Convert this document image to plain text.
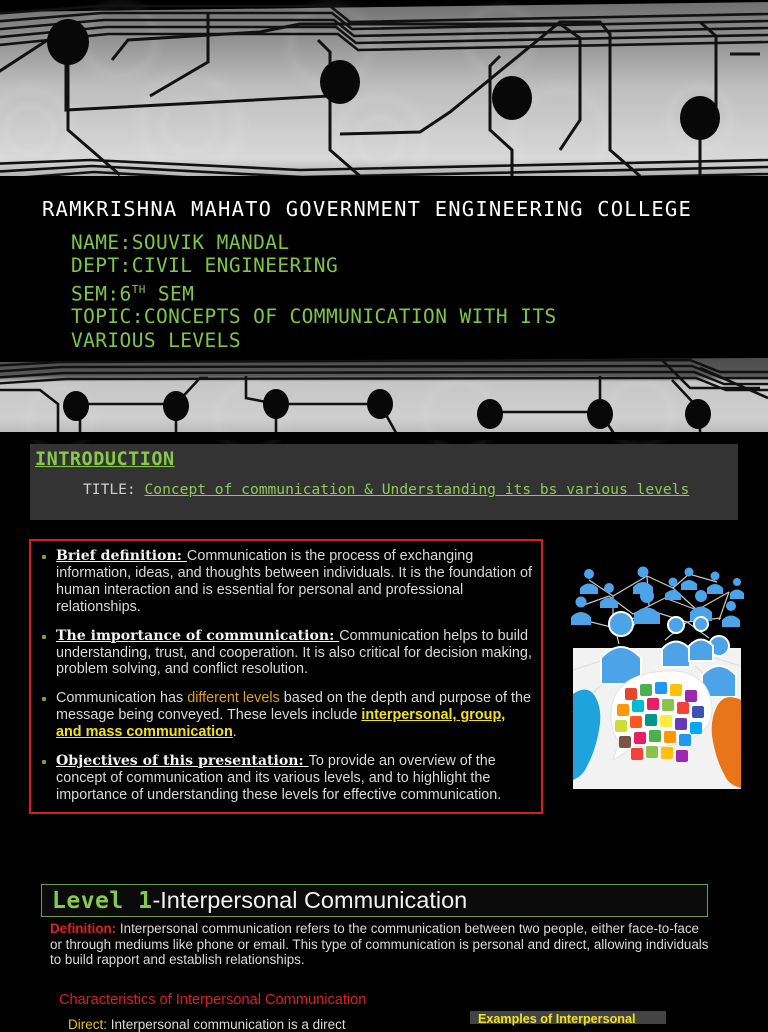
RAMKRISHNA MAHATO GOVERNMENT ENGINEERING COLLEGE
NAME:SOUVIK MANDAL
DEPT:CIVIL ENGINEERING
SEM:6TH SEM
TOPIC:CONCEPTS OF COMMUNICATION WITH ITS
VARIOUS LEVELS
INTRODUCTION
TITLE: Concept of communication & Understanding its bs various levels
Brief definition: Communication is the process of exchanging information, ideas, and thoughts between individuals. It is the foundation of human interaction and is essential for personal and professional relationships.
The importance of communication: Communication helps to build understanding, trust, and cooperation. It is also critical for decision making, problem solving, and conflict resolution.
Communication has different levels based on the depth and purpose of the message being conveyed. These levels include interpersonal, group, and mass communication.
Objectives of this presentation: To provide an overview of the concept of communication and its various levels, and to highlight the importance of understanding these levels for effective communication.
Level 1-Interpersonal Communication
Definition: Interpersonal communication refers to the communication between two people, either face-to-face or through mediums like phone or email. This type of communication is personal and direct, allowing individuals to build rapport and establish relationships.
Characteristics of Interpersonal Communication
Direct: Interpersonal communication is a direct	Examples of Interpersonal
